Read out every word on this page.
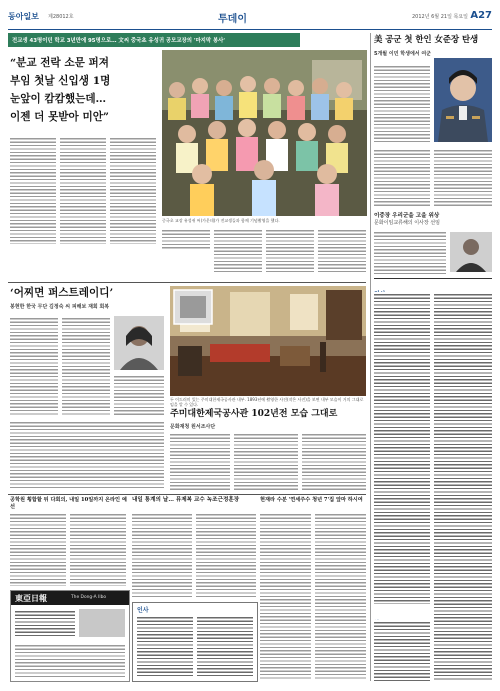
동아일보 제28012호	투데이	2012년 6월 21일 목요일 A27
전교생 43명이던 학교 3년만에 95명으로… 文씨 중국초 유성귀 공모교장의 '마지막 봉사'
“분교 전락 소문 퍼져
부임 첫날 신입생 1명
눈앞이 캄캄했는데…
이젠 더 못받아 미안”
중국초 교장 유성귀 씨(가운데)가 전교생들과 함께 기념촬영을 했다.
美 공군 첫 한인 女준장 탄생
5개월 이민 학생에서 여군
이중장 우리군을 고을 위상
문화이임교류해의 이사장 선임
‘어찌면 퍼스트레이디’
봉현한 한국 무단 김정숙 씨 피해보 재회 회복
두 이드러미 있는 주미대한제국공사관 내부. 1893년에 촬영한 사진(작은 사진)을 보면 내부 모습이 거의 그대로임을 알 수 있다.
주미대한제국공사관 102년전 모습 그대로
문화재청 원서조사단
공학원 횡합할 뒤 다회의, 내일 10일까지 온라인 예선
내일 통계의 날… 뮤제복 교수 녹조근정훈장	현재라 수분 '연세주수 청년 7'집 앞마 하시여
인사
東亞日報	The Dong-A Ilbo
